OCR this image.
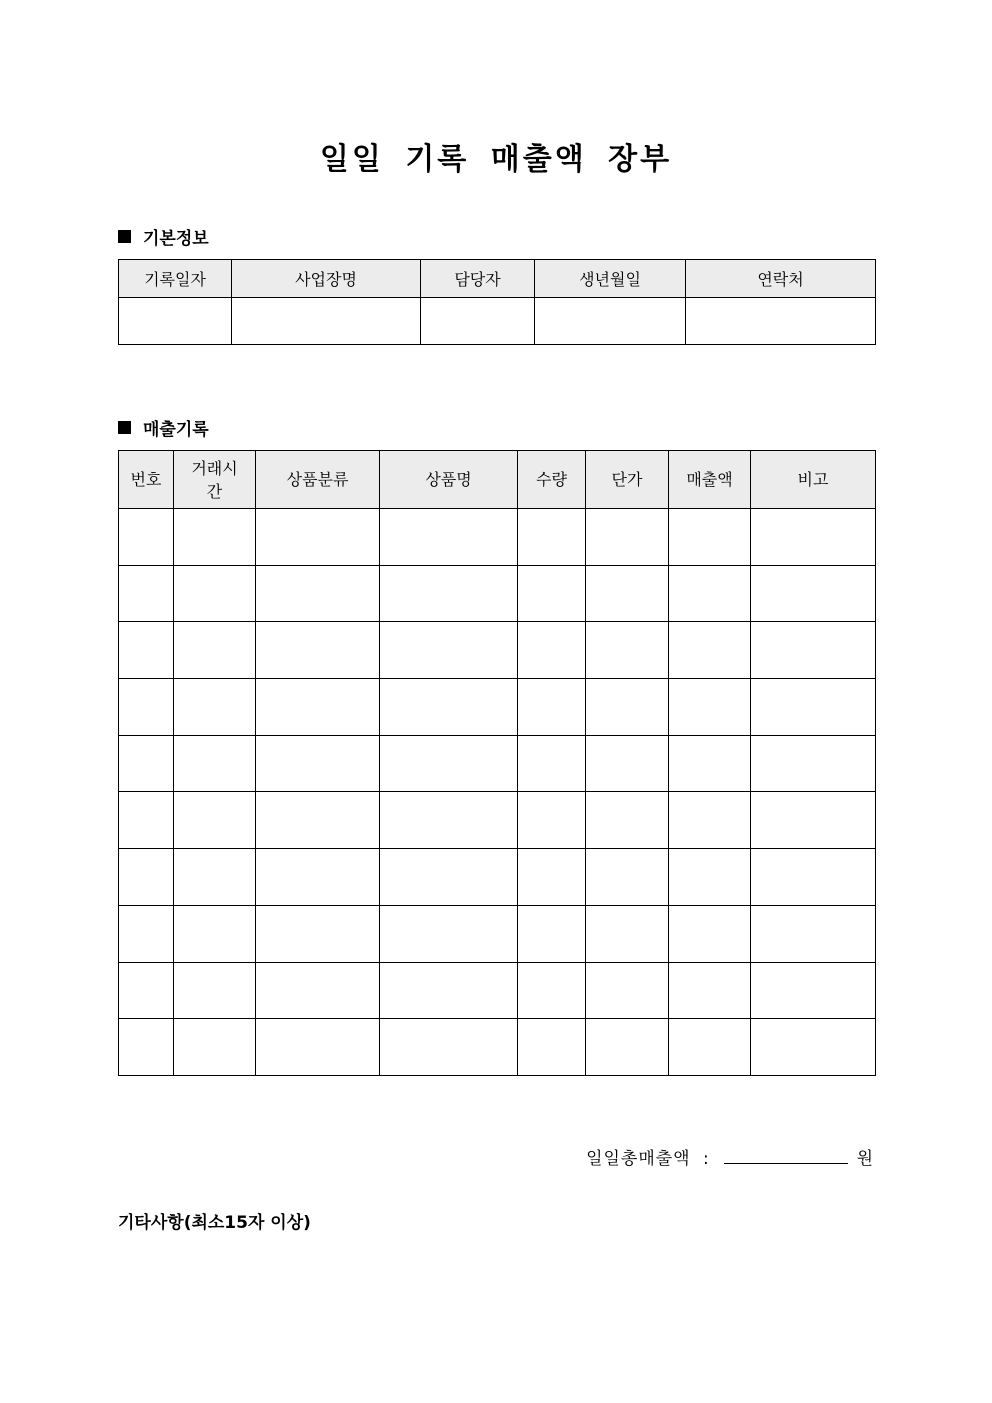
일일 기록 매출액 장부
기본정보
기록일자	사업장명	담당자	생년월일	연락처

매출기록
번호	거래시간	상품분류	상품명	수량	단가	매출액	비고

일일총매출액 :	원
기타사항(최소15자 이상)
